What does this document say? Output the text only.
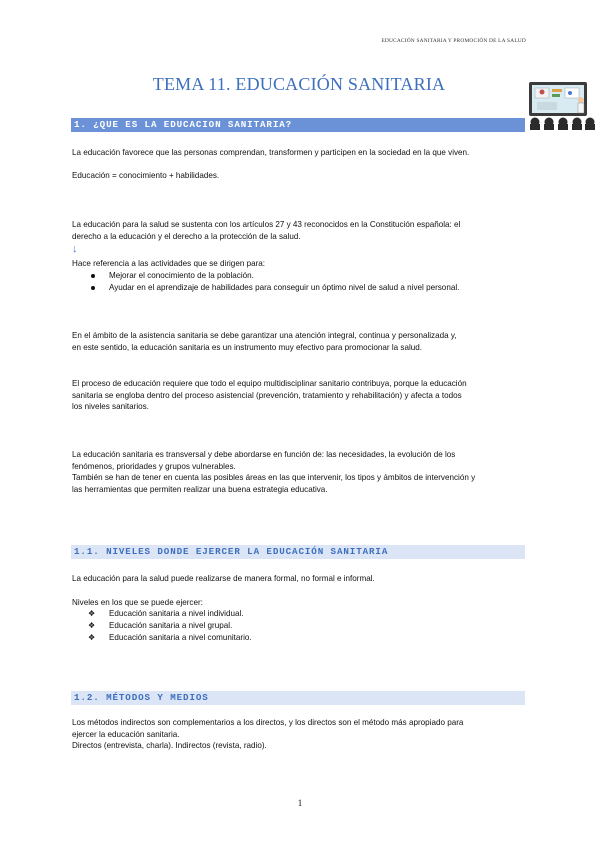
EDUCACIÓN SANITARIA Y PROMOCIÓN DE LA SALUD
TEMA 11. EDUCACIÓN SANITARIA
1. ¿QUE ES LA EDUCACION SANITARIA?
La educación favorece que las personas comprendan, transformen y participen en la sociedad en la que viven.
Educación = conocimiento + habilidades.
La educación para la salud se sustenta con los artículos 27 y 43 reconocidos en la Constitución española: el
derecho a la educación y el derecho a la protección de la salud.
↓
Hace referencia a las actividades que se dirigen para:
Mejorar el conocimiento de la población.
Ayudar en el aprendizaje de habilidades para conseguir un óptimo nivel de salud a nivel personal.
En el ámbito de la asistencia sanitaria se debe garantizar una atención integral, continua y personalizada y,
en este sentido, la educación sanitaria es un instrumento muy efectivo para promocionar la salud.
El proceso de educación requiere que todo el equipo multidisciplinar sanitario contribuya, porque la educación
sanitaria se engloba dentro del proceso asistencial (prevención, tratamiento y rehabilitación) y afecta a todos
los niveles sanitarios.
La educación sanitaria es transversal y debe abordarse en función de: las necesidades, la evolución de los
fenómenos, prioridades y grupos vulnerables.
También se han de tener en cuenta las posibles áreas en las que intervenir, los tipos y ámbitos de intervención y
las herramientas que permiten realizar una buena estrategia educativa.
1.1. NIVELES DONDE EJERCER LA EDUCACIÓN SANITARIA
La educación para la salud puede realizarse de manera formal, no formal e informal.
Niveles en los que se puede ejercer:
❖ Educación sanitaria a nivel individual.
❖ Educación sanitaria a nivel grupal.
❖ Educación sanitaria a nivel comunitario.
1.2. MÉTODOS Y MEDIOS
Los métodos indirectos son complementarios a los directos, y los directos son el método más apropiado para
ejercer la educación sanitaria.
Directos (entrevista, charla). Indirectos (revista, radio).
1
